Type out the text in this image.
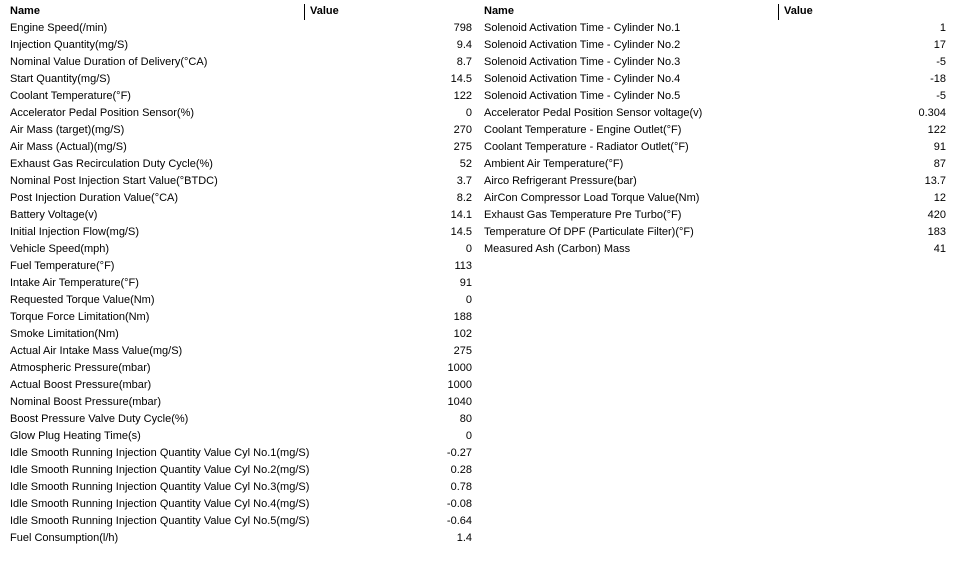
Name	Value
Engine Speed(/min)	798
Injection Quantity(mg/S)	9.4
Nominal Value Duration of Delivery(°CA)	8.7
Start Quantity(mg/S)	14.5
Coolant Temperature(°F)	122
Accelerator Pedal Position Sensor(%)	0
Air Mass (target)(mg/S)	270
Air Mass (Actual)(mg/S)	275
Exhaust Gas Recirculation Duty Cycle(%)	52
Nominal Post Injection Start Value(°BTDC)	3.7
Post Injection Duration Value(°CA)	8.2
Battery Voltage(v)	14.1
Initial Injection Flow(mg/S)	14.5
Vehicle Speed(mph)	0
Fuel Temperature(°F)	113
Intake Air Temperature(°F)	91
Requested Torque Value(Nm)	0
Torque Force Limitation(Nm)	188
Smoke Limitation(Nm)	102
Actual Air Intake Mass Value(mg/S)	275
Atmospheric Pressure(mbar)	1000
Actual Boost Pressure(mbar)	1000
Nominal Boost Pressure(mbar)	1040
Boost Pressure Valve Duty Cycle(%)	80
Glow Plug Heating Time(s)	0
Idle Smooth Running Injection Quantity Value Cyl No.1(mg/S)	-0.27
Idle Smooth Running Injection Quantity Value Cyl No.2(mg/S)	0.28
Idle Smooth Running Injection Quantity Value Cyl No.3(mg/S)	0.78
Idle Smooth Running Injection Quantity Value Cyl No.4(mg/S)	-0.08
Idle Smooth Running Injection Quantity Value Cyl No.5(mg/S)	-0.64
Fuel Consumption(l/h)	1.4
Name	Value
Solenoid Activation Time - Cylinder No.1	1
Solenoid Activation Time - Cylinder No.2	17
Solenoid Activation Time - Cylinder No.3	-5
Solenoid Activation Time - Cylinder No.4	-18
Solenoid Activation Time - Cylinder No.5	-5
Accelerator Pedal Position Sensor voltage(v)	0.304
Coolant Temperature - Engine Outlet(°F)	122
Coolant Temperature - Radiator Outlet(°F)	91
Ambient Air Temperature(°F)	87
Airco Refrigerant Pressure(bar)	13.7
AirCon Compressor Load Torque Value(Nm)	12
Exhaust Gas Temperature Pre Turbo(°F)	420
Temperature Of DPF (Particulate Filter)(°F)	183
Measured Ash (Carbon) Mass	41
